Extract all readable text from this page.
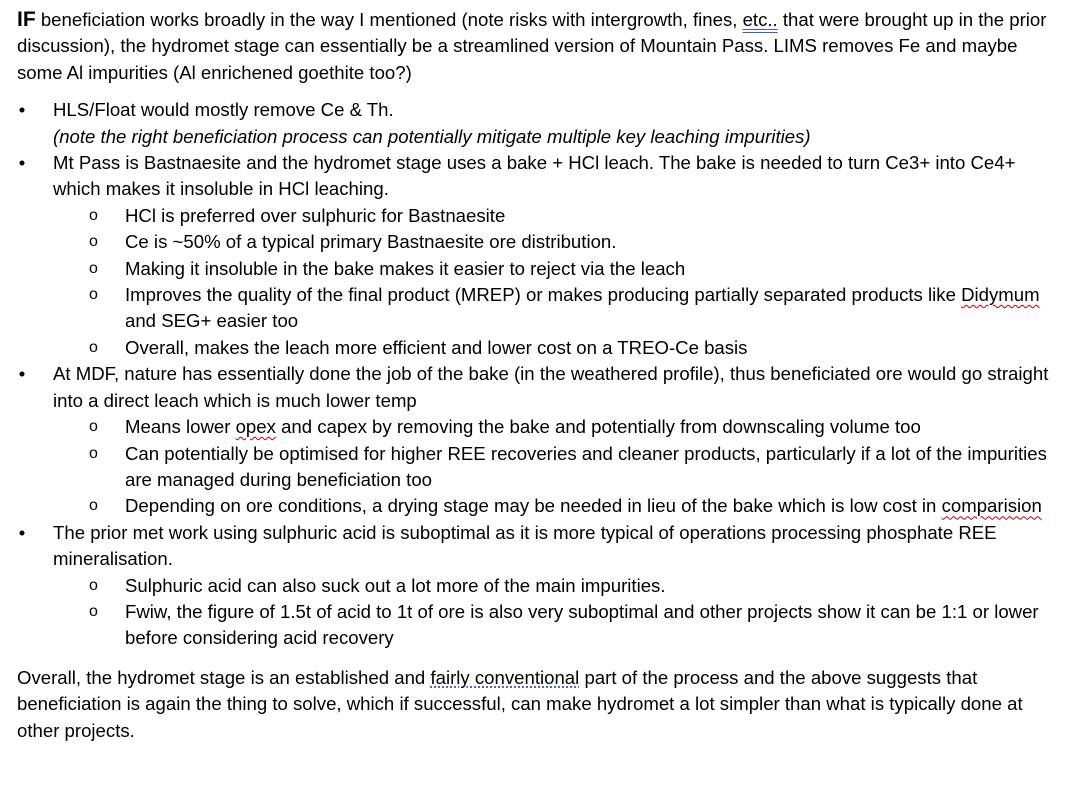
IF beneficiation works broadly in the way I mentioned (note risks with intergrowth, fines, etc.. that were brought up in the prior discussion), the hydromet stage can essentially be a streamlined version of Mountain Pass. LIMS removes Fe and maybe some Al impurities (Al enrichened goethite too?)

• HLS/Float would mostly remove Ce & Th.
(note the right beneficiation process can potentially mitigate multiple key leaching impurities)
• Mt Pass is Bastnaesite and the hydromet stage uses a bake + HCl leach. The bake is needed to turn Ce3+ into Ce4+ which makes it insoluble in HCl leaching.
o HCl is preferred over sulphuric for Bastnaesite
o Ce is ~50% of a typical primary Bastnaesite ore distribution.
o Making it insoluble in the bake makes it easier to reject via the leach
o Improves the quality of the final product (MREP) or makes producing partially separated products like Didymum and SEG+ easier too
o Overall, makes the leach more efficient and lower cost on a TREO-Ce basis
• At MDF, nature has essentially done the job of the bake (in the weathered profile), thus beneficiated ore would go straight into a direct leach which is much lower temp
o Means lower opex and capex by removing the bake and potentially from downscaling volume too
o Can potentially be optimised for higher REE recoveries and cleaner products, particularly if a lot of the impurities are managed during beneficiation too
o Depending on ore conditions, a drying stage may be needed in lieu of the bake which is low cost in comparision
• The prior met work using sulphuric acid is suboptimal as it is more typical of operations processing phosphate REE mineralisation.
o Sulphuric acid can also suck out a lot more of the main impurities.
o Fwiw, the figure of 1.5t of acid to 1t of ore is also very suboptimal and other projects show it can be 1:1 or lower before considering acid recovery

Overall, the hydromet stage is an established and fairly conventional part of the process and the above suggests that beneficiation is again the thing to solve, which if successful, can make hydromet a lot simpler than what is typically done at other projects.
